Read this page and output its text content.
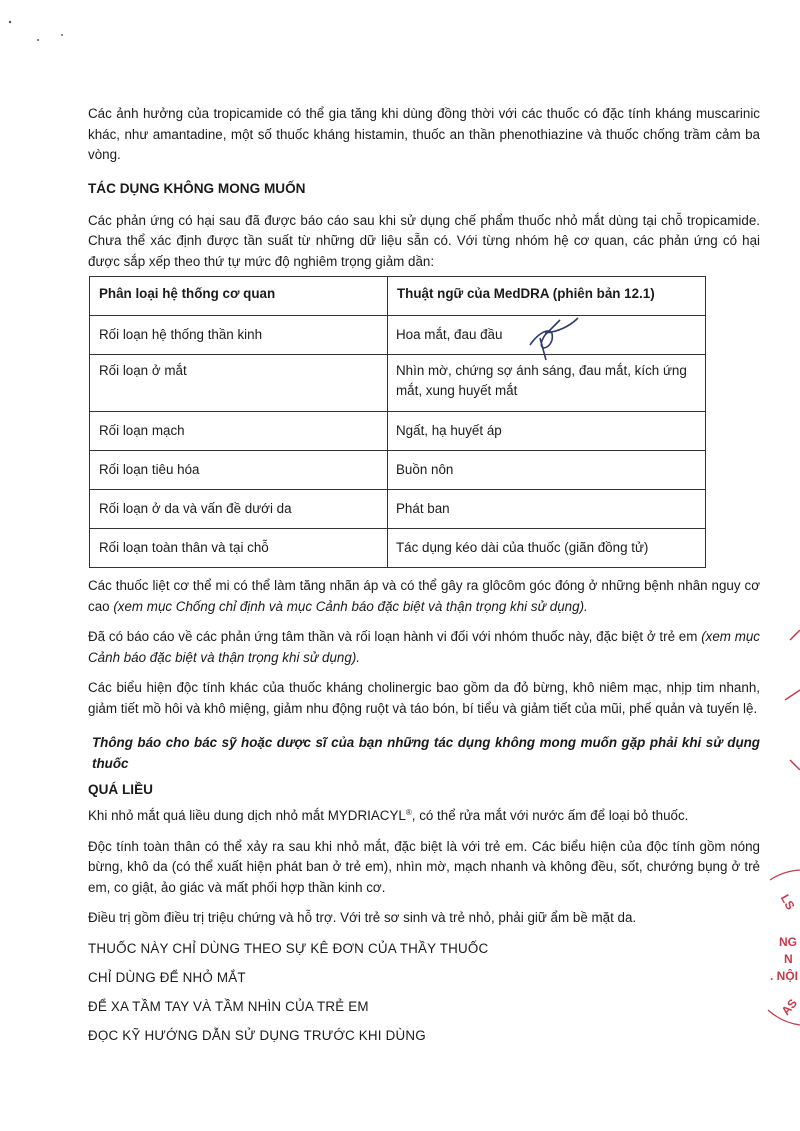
Các ảnh hưởng của tropicamide có thể gia tăng khi dùng đồng thời với các thuốc có đặc tính kháng muscarinic khác, như amantadine, một số thuốc kháng histamin, thuốc an thần phenothiazine và thuốc chống trầm cảm ba vòng.

TÁC DỤNG KHÔNG MONG MUỐN

Các phản ứng có hại sau đã được báo cáo sau khi sử dụng chế phẩm thuốc nhỏ mắt dùng tại chỗ tropicamide. Chưa thể xác định được tần suất từ những dữ liệu sẵn có. Với từng nhóm hệ cơ quan, các phản ứng có hại được sắp xếp theo thứ tự mức độ nghiêm trọng giảm dần:

Phân loại hệ thống cơ quan	Thuật ngữ của MedDRA (phiên bản 12.1)
Rối loạn hệ thống thần kinh	Hoa mắt, đau đầu
Rối loạn ở mắt	Nhìn mờ, chứng sợ ánh sáng, đau mắt, kích ứng mắt, xung huyết mắt
Rối loạn mạch	Ngất, hạ huyết áp
Rối loạn tiêu hóa	Buồn nôn
Rối loạn ở da và vấn đề dưới da	Phát ban
Rối loạn toàn thân và tại chỗ	Tác dụng kéo dài của thuốc (giãn đồng tử)

Các thuốc liệt cơ thể mi có thể làm tăng nhãn áp và có thể gây ra glôcôm góc đóng ở những bệnh nhân nguy cơ cao (xem mục Chống chỉ định và mục Cảnh báo đặc biệt và thận trọng khi sử dụng).

Đã có báo cáo về các phản ứng tâm thần và rối loạn hành vi đối với nhóm thuốc này, đặc biệt ở trẻ em (xem mục Cảnh báo đặc biệt và thận trọng khi sử dụng).

Các biểu hiện độc tính khác của thuốc kháng cholinergic bao gồm da đỏ bừng, khô niêm mạc, nhịp tim nhanh, giảm tiết mồ hôi và khô miệng, giảm nhu động ruột và táo bón, bí tiểu và giảm tiết của mũi, phế quản và tuyến lệ.

Thông báo cho bác sỹ hoặc dược sĩ của bạn những tác dụng không mong muốn gặp phải khi sử dụng thuốc

QUÁ LIỀU

Khi nhỏ mắt quá liều dung dịch nhỏ mắt MYDRIACYL®, có thể rửa mắt với nước ấm để loại bỏ thuốc.

Độc tính toàn thân có thể xảy ra sau khi nhỏ mắt, đặc biệt là với trẻ em. Các biểu hiện của độc tính gồm nóng bừng, khô da (có thể xuất hiện phát ban ở trẻ em), nhìn mờ, mạch nhanh và không đều, sốt, chướng bụng ở trẻ em, co giật, ảo giác và mất phối hợp thần kinh cơ.

Điều trị gồm điều trị triệu chứng và hỗ trợ. Với trẻ sơ sinh và trẻ nhỏ, phải giữ ẩm bề mặt da.

THUỐC NÀY CHỈ DÙNG THEO SỰ KÊ ĐƠN CỦA THẦY THUỐC
CHỈ DÙNG ĐỂ NHỎ MẮT
ĐỂ XA TẦM TAY VÀ TẦM NHÌN CỦA TRẺ EM
ĐỌC KỸ HƯỚNG DẪN SỬ DỤNG TRƯỚC KHI DÙNG
LS
NG
N
. NỘI
AS
